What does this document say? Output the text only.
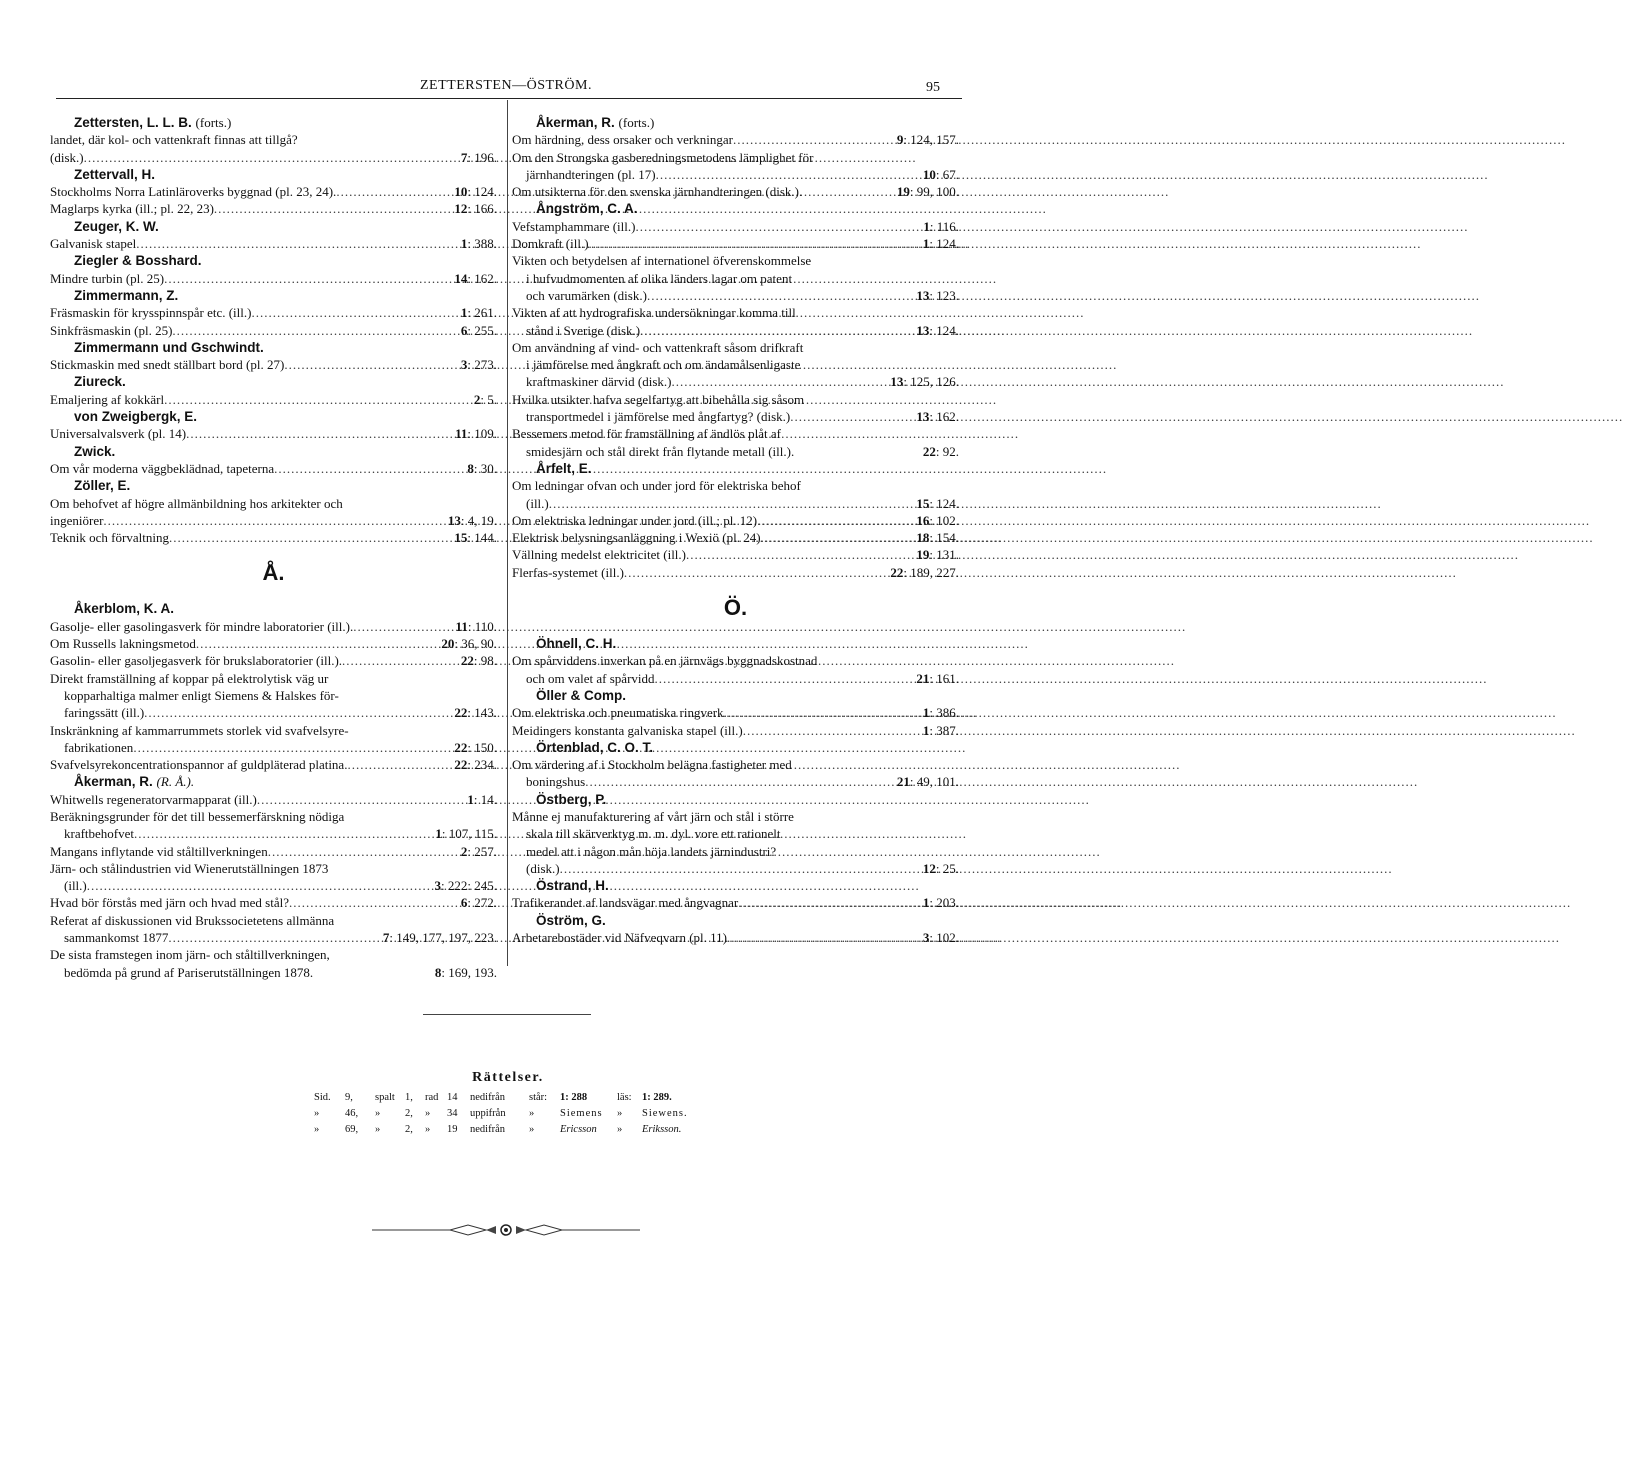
ZETTERSTEN—ÖSTRÖM.	95
Zettersten, L. L. B. (forts.)
landet, där kol- och vattenkraft finnas att tillgå?
(disk.) .....	7: 196.
Zettervall, H.
Stockholms Norra Latinläroverks byggnad (pl. 23, 24). .....	10: 124.
Maglarps kyrka (ill.; pl. 22, 23) .....	12: 166.
Zeuger, K. W.
Galvanisk stapel .....	1: 388.
Ziegler & Bosshard.
Mindre turbin (pl. 25) .....	14: 162.
Zimmermann, Z.
Fräsmaskin för krysspinnspår etc. (ill.) .....	1: 261.
Sinkfräsmaskin (pl. 25) .....	6: 255.
Zimmermann und Gschwindt.
Stickmaskin med snedt ställbart bord (pl. 27) .....	3: 273.
Ziureck.
Emaljering af kokkärl .....	2: 5.
von Zweigbergk, E.
Universalvalsverk (pl. 14) .....	11: 109.
Zwick.
Om vår moderna väggbeklädnad, tapeterna .....	8: 30.
Zöller, E.
Om behofvet af högre allmänbildning hos arkitekter och
ingeniörer .....	13: 4, 19.
Teknik och förvaltning .....	15: 144.
Å.
Åkerblom, K. A.
Gasolje- eller gasolingasverk för mindre laboratorier (ill.). .....	11: 110.
Om Russells lakningsmetod .....	20: 36, 90.
Gasolin- eller gasoljegasverk för brukslaboratorier (ill.). .....	22: 98.
Direkt framställning af koppar på elektrolytisk väg ur
kopparhaltiga malmer enligt Siemens & Halskes för-
faringssätt (ill.) .....	22: 143.
Inskränkning af kammarrummets storlek vid svafvelsyre-
fabrikationen .....	22: 150.
Svafvelsyrekoncentrationspannor af guldpläterad platina. .....	22: 234.
Åkerman, R. (R. Å.).
Whitwells regeneratorvarmapparat (ill.) .....	1: 14.
Beräkningsgrunder för det till bessemerfärskning nödiga
kraftbehofvet .....	1: 107, 115.
Mangans inflytande vid ståltillverkningen .....	2: 257.
Järn- och stålindustrien vid Wienerutställningen 1873
(ill.) .....	3: 222: 245.
Hvad bör förstås med järn och hvad med stål? .....	6: 272.
Referat af diskussionen vid Brukssocietetens allmänna
sammankomst 1877 .....	7: 149, 177, 197, 223.
De sista framstegen inom järn- och ståltillverkningen,
bedömda på grund af Pariserutställningen 1878.	8: 169, 193.
Åkerman, R. (forts.)
Om härdning, dess orsaker och verkningar .....	9: 124, 157.
Om den Strongska gasberedningsmetodens lämplighet för
järnhandteringen (pl. 17) .....	10: 67.
Om utsikterna för den svenska järnhandteringen (disk.).	19: 99, 100.
Ångström, C. A.
Vefstamphammare (ill.) .....	1: 116.
Domkraft (ill.) .....	1: 124.
Vikten och betydelsen af internationel öfverenskommelse
i hufvudmomenten af olika länders lagar om patent
och varumärken (disk.) .....	13: 123.
Vikten af att hydrografiska undersökningar komma till
stånd i Sverige (disk.) .....	13: 124.
Om användning af vind- och vattenkraft såsom drifkraft
i jämförelse med ångkraft och om ändamålsenligaste
kraftmaskiner därvid (disk.) .....	13: 125, 126.
Hvilka utsikter hafva segelfartyg att bibehålla sig såsom
transportmedel i jämförelse med ångfartyg? (disk.) .....	13: 162.
Bessemers metod för framställning af ändlös plåt af
smidesjärn och stål direkt från flytande metall (ill.).	22: 92.
Årfelt, E.
Om ledningar ofvan och under jord för elektriska behof
(ill.) .....	15: 124.
Om elektriska ledningar under jord (ill.; pl. 12) .....	16: 102.
Elektrisk belysningsanläggning i Wexiö (pl. 24) .....	18: 154.
Vällning medelst elektricitet (ill.) .....	19: 131.
Flerfas-systemet (ill.) .....	22: 189, 227.
Ö.
Öhnell, C. H.
Om spårviddens inverkan på en järnvägs byggnadskostnad
och om valet af spårvidd .....	21: 161.
Öller & Comp.
Om elektriska och pneumatiska ringverk .....	1: 386.
Meidingers konstanta galvaniska stapel (ill.) .....	1: 387.
Örtenblad, C. O. T.
Om värdering af i Stockholm belägna fastigheter med
boningshus .....	21: 49, 101.
Östberg, P.
Månne ej manufakturering af vårt järn och stål i större
skala till skärverktyg m. m. dyl. vore ett rationelt
medel att i någon mån höja landets järnindustri?
(disk.) .....	12: 25.
Östrand, H.
Trafikerandet af landsvägar med ångvagnar .....	1: 203.
Öström, G.
Arbetarebostäder vid Näfveqvarn (pl. 11) .....	3: 102.
Rättelser.
Sid. 9, spalt 1, rad 14 nedifrån står: 1: 288	läs: 1: 289.
» 46, » 2, » 34 uppifrån » Siemens » Siewens.
» 69, » 2, » 19 nedifrån » Ericsson » Eriksson.
